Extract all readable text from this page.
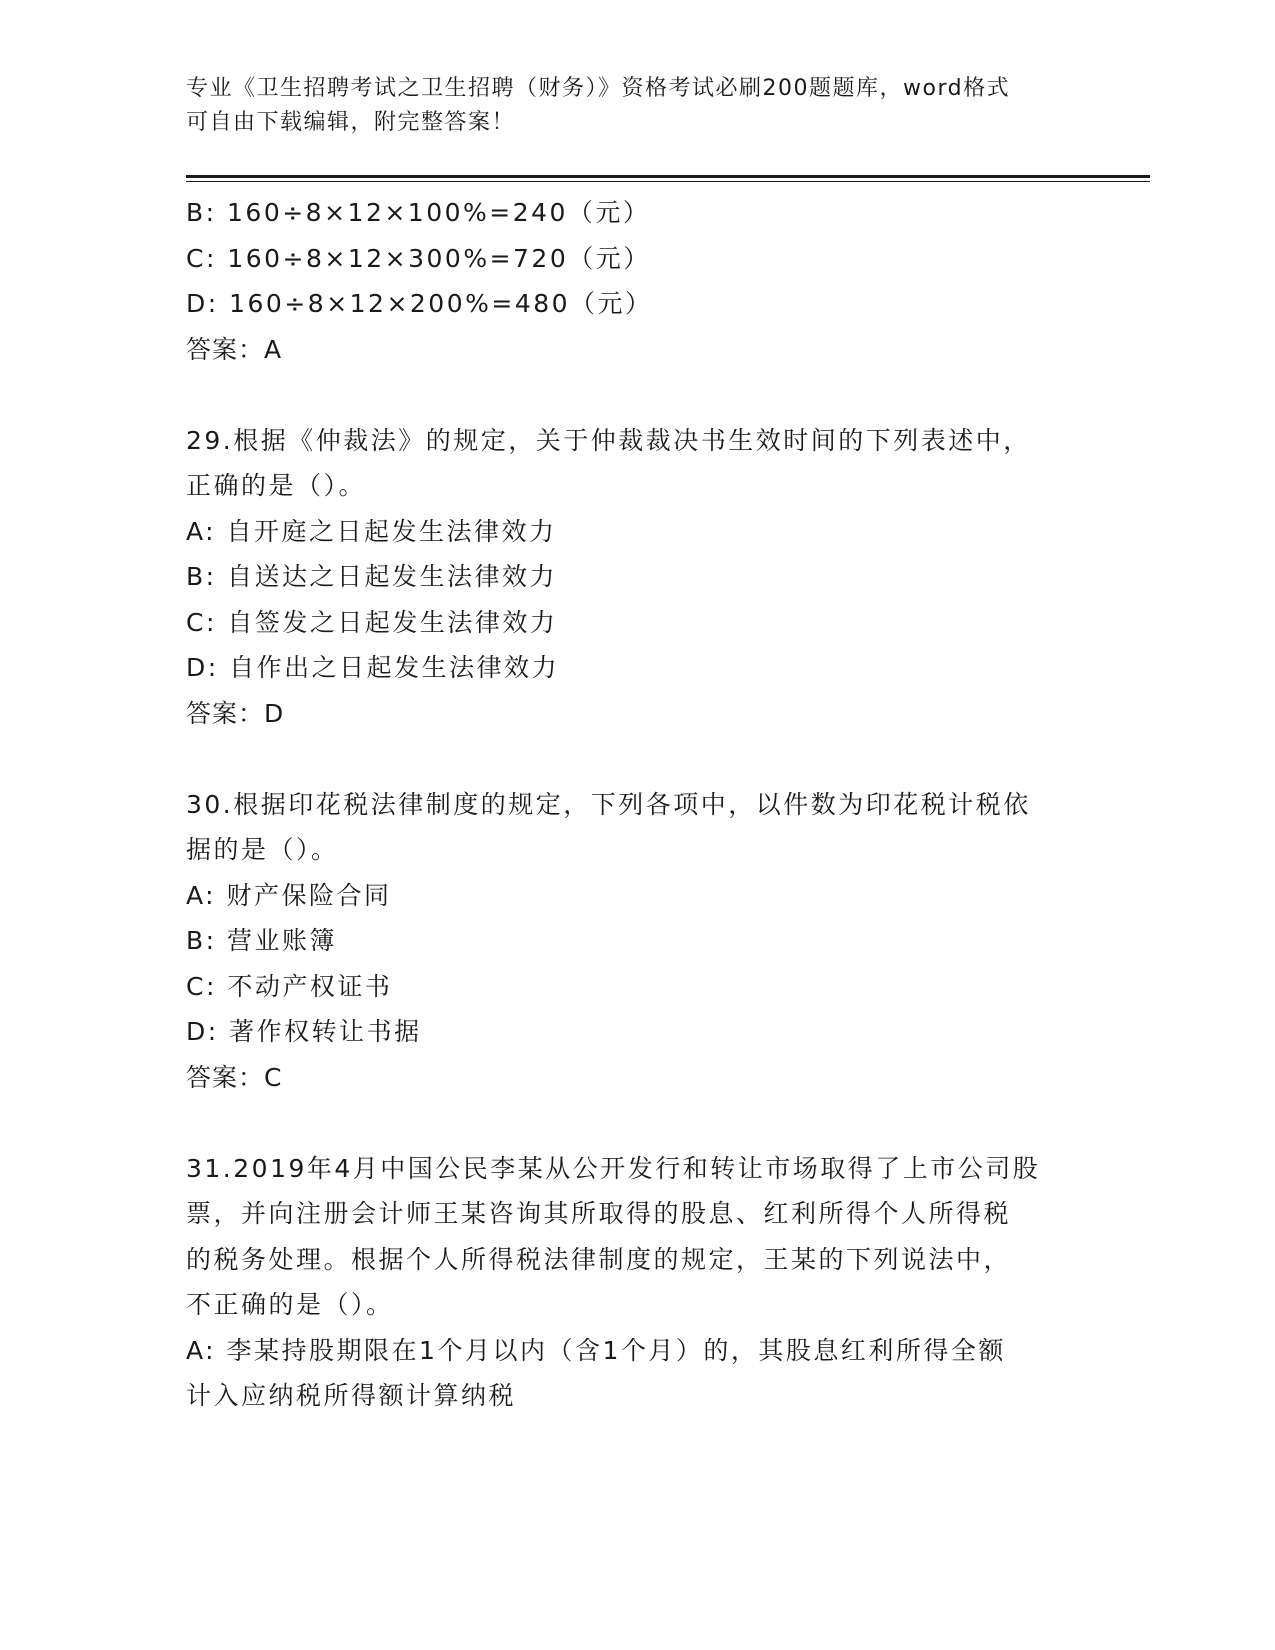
专业《卫生招聘考试之卫生招聘（财务）》资格考试必刷200题题库，word格式
可自由下载编辑，附完整答案！
B: 160÷8×12×100%=240（元）
C: 160÷8×12×300%=720（元）
D: 160÷8×12×200%=480（元）
答案：A
29.根据《仲裁法》的规定，关于仲裁裁决书生效时间的下列表述中，
正确的是（）。
A: 自开庭之日起发生法律效力
B: 自送达之日起发生法律效力
C: 自签发之日起发生法律效力
D: 自作出之日起发生法律效力
答案：D
30.根据印花税法律制度的规定，下列各项中，以件数为印花税计税依
据的是（）。
A: 财产保险合同
B: 营业账簿
C: 不动产权证书
D: 著作权转让书据
答案：C
31.2019年4月中国公民李某从公开发行和转让市场取得了上市公司股
票，并向注册会计师王某咨询其所取得的股息、红利所得个人所得税
的税务处理。根据个人所得税法律制度的规定，王某的下列说法中，
不正确的是（）。
A: 李某持股期限在1个月以内（含1个月）的，其股息红利所得全额
计入应纳税所得额计算纳税
